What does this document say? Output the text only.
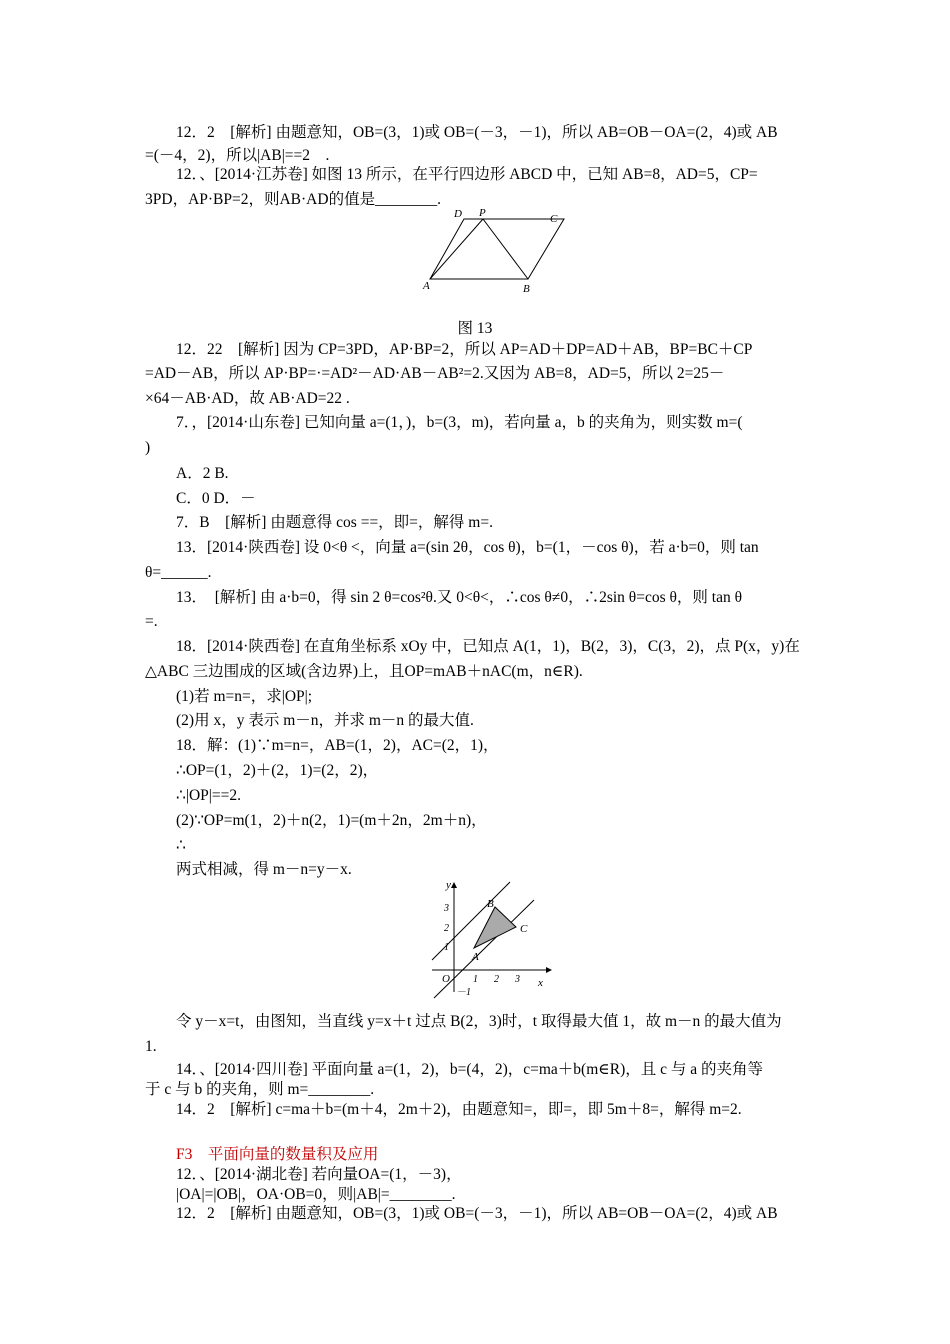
12．2　[解析] 由题意知，OB=(3，1)或 OB=(－3，－1)，所以 AB=OB－OA=(2，4)或 AB

=(－4，2)，所以|AB|==2　.

12．、[2014·江苏卷] 如图 13 所示，在平行四边形 ABCD 中，已知 AB=8，AD=5，CP=

3PD，AP·BP=2，则AB·AD的值是________.

D P	C
A	B
图 13

12．22　[解析] 因为 CP=3PD，AP·BP=2，所以 AP=AD＋DP=AD＋AB，BP=BC＋CP

=AD－AB，所以 AP·BP=·=AD²－AD·AB－AB²=2.又因为 AB=8，AD=5，所以 2=25－

×64－AB·AD，故 AB·AD=22 .

7．，[2014·山东卷] 已知向量 a=(1，)，b=(3，m)，若向量 a，b 的夹角为，则实数 m=(

)

A．2 B.

C．0 D．－

7．B　[解析] 由题意得 cos ==，即=，解得 m=.

13．[2014·陕西卷] 设 0<θ <，向量 a=(sin 2θ，cos θ)，b=(1，－cos θ)，若 a·b=0，则 tan

θ=______.

13．　[解析] 由 a·b=0，得 sin 2 θ=cos²θ.又 0<θ<，∴cos θ≠0，∴2sin θ=cos θ，则 tan θ

=.

18．[2014·陕西卷] 在直角坐标系 xOy 中，已知点 A(1，1)，B(2，3)，C(3，2)，点 P(x，y)在

△ABC 三边围成的区域(含边界)上，且OP=mAB＋nAC(m，n∈R).

(1)若 m=n=，求|OP|;

(2)用 x，y 表示 m－n，并求 m－n 的最大值.

18．解：(1)∵m=n=，AB=(1，2)，AC=(2，1)，

∴OP=(1，2)＋(2，1)=(2，2)，

∴|OP|==2.

(2)∵OP=m(1，2)＋n(2，1)=(m＋2n，2m＋n)，

∴

两式相减，得 m－n=y－x.

y
x
O 1 2 3
3
2
1
－1
A
B
C

令 y－x=t，由图知，当直线 y=x＋t 过点 B(2，3)时，t 取得最大值 1，故 m－n 的最大值为

1.

14．、[2014·四川卷] 平面向量 a=(1，2)，b=(4，2)，c=ma＋b(m∈R)，且 c 与 a 的夹角等

于 c 与 b 的夹角，则 m=________.

14．2　[解析] c=ma＋b=(m＋4，2m＋2)，由题意知=，即=，即 5m＋8=，解得 m=2.

F3　平面向量的数量积及应用

12．、[2014·湖北卷] 若向量OA=(1，－3)，

|OA|=|OB|，OA·OB=0，则|AB|=________.

12．2　[解析] 由题意知，OB=(3，1)或 OB=(－3，－1)，所以 AB=OB－OA=(2，4)或 AB
